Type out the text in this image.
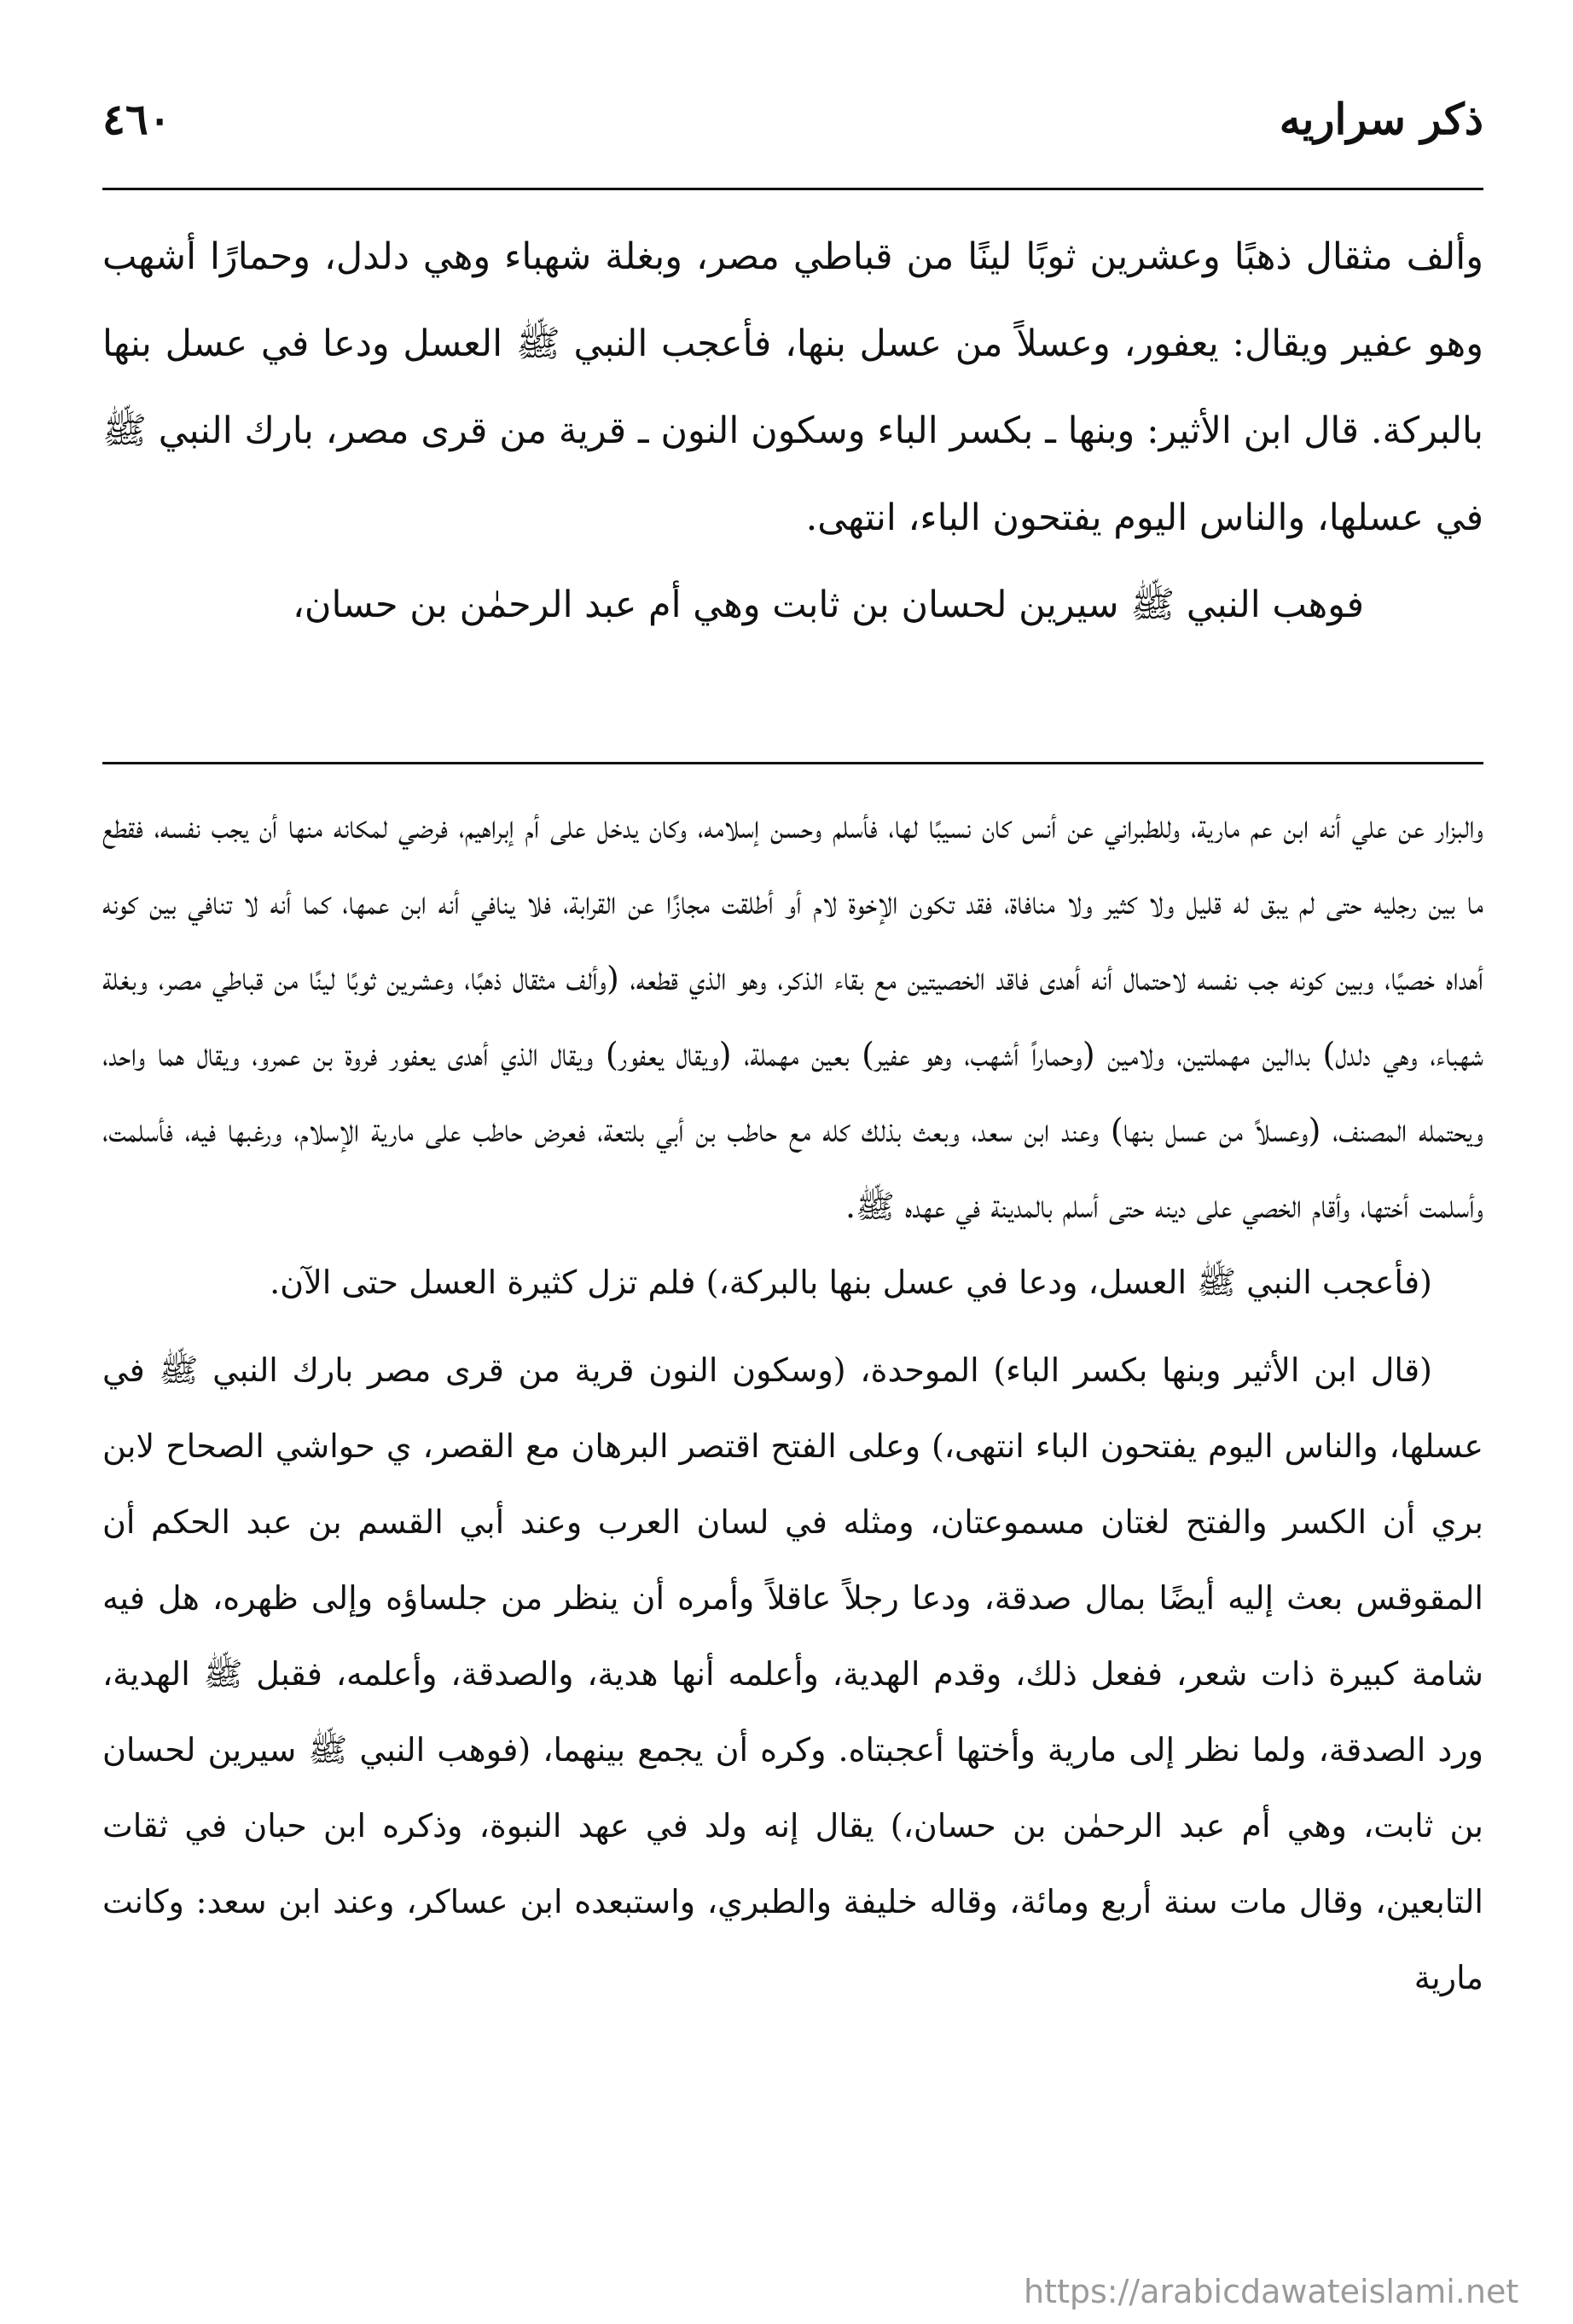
ذكر سراريه
٤٦٠

وألف مثقال ذهبًا وعشرين ثوبًا لينًا من قباطي مصر، وبغلة شهباء وهي دلدل، وحمارًا أشهب وهو عفير ويقال: يعفور، وعسلاً من عسل بنها، فأعجب النبي ﷺ العسل ودعا في عسل بنها بالبركة. قال ابن الأثير: وبنها ـ بكسر الباء وسكون النون ـ قرية من قرى مصر، بارك النبي ﷺ في عسلها، والناس اليوم يفتحون الباء، انتهى.

فوهب النبي ﷺ سيرين لحسان بن ثابت وهي أم عبد الرحمٰن بن حسان،

والبزار عن علي أنه ابن عم مارية، وللطبراني عن أنس كان نسيبًا لها، فأسلم وحسن إسلامه، وكان يدخل على أم إبراهيم، فرضي لمكانه منها أن يجب نفسه، فقطع ما بين رجليه حتى لم يبق له قليل ولا كثير ولا منافاة، فقد تكون الإخوة لام أو أطلقت مجازًا عن القرابة، فلا ينافي أنه ابن عمها، كما أنه لا تنافي بين كونه أهداه خصيًا، وبين كونه جب نفسه لاحتمال أنه أهدى فاقد الخصيتين مع بقاء الذكر، وهو الذي قطعه، (وألف مثقال ذهبًا، وعشرين ثوبًا لينًا من قباطي مصر، وبغلة شهباء، وهي دلدل) بدالين مهملتين، ولامين (وحماراً أشهب، وهو عفير) بعين مهملة، (ويقال يعفور) ويقال الذي أهدى يعفور فروة بن عمرو، ويقال هما واحد، ويحتمله المصنف، (وعسلاً من عسل بنها) وعند ابن سعد، وبعث بذلك كله مع حاطب بن أبي بلتعة، فعرض حاطب على مارية الإسلام، ورغبها فيه، فأسلمت، وأسلمت أختها، وأقام الخصي على دينه حتى أسلم بالمدينة في عهده ﷺ.

(فأعجب النبي ﷺ العسل، ودعا في عسل بنها بالبركة،) فلم تزل كثيرة العسل حتى الآن.

(قال ابن الأثير وبنها بكسر الباء) الموحدة، (وسكون النون قرية من قرى مصر بارك النبي ﷺ في عسلها، والناس اليوم يفتحون الباء انتهى،) وعلى الفتح اقتصر البرهان مع القصر، ي حواشي الصحاح لابن بري أن الكسر والفتح لغتان مسموعتان، ومثله في لسان العرب وعند أبي القسم بن عبد الحكم أن المقوقس بعث إليه أيضًا بمال صدقة، ودعا رجلاً عاقلاً وأمره أن ينظر من جلساؤه وإلى ظهره، هل فيه شامة كبيرة ذات شعر، ففعل ذلك، وقدم الهدية، وأعلمه أنها هدية، والصدقة، وأعلمه، فقبل ﷺ الهدية، ورد الصدقة، ولما نظر إلى مارية وأختها أعجبتاه. وكره أن يجمع بينهما، (فوهب النبي ﷺ سيرين لحسان بن ثابت، وهي أم عبد الرحمٰن بن حسان،) يقال إنه ولد في عهد النبوة، وذكره ابن حبان في ثقات التابعين، وقال مات سنة أربع ومائة، وقاله خليفة والطبري، واستبعده ابن عساكر، وعند ابن سعد: وكانت مارية

https://arabicdawateislami.net
